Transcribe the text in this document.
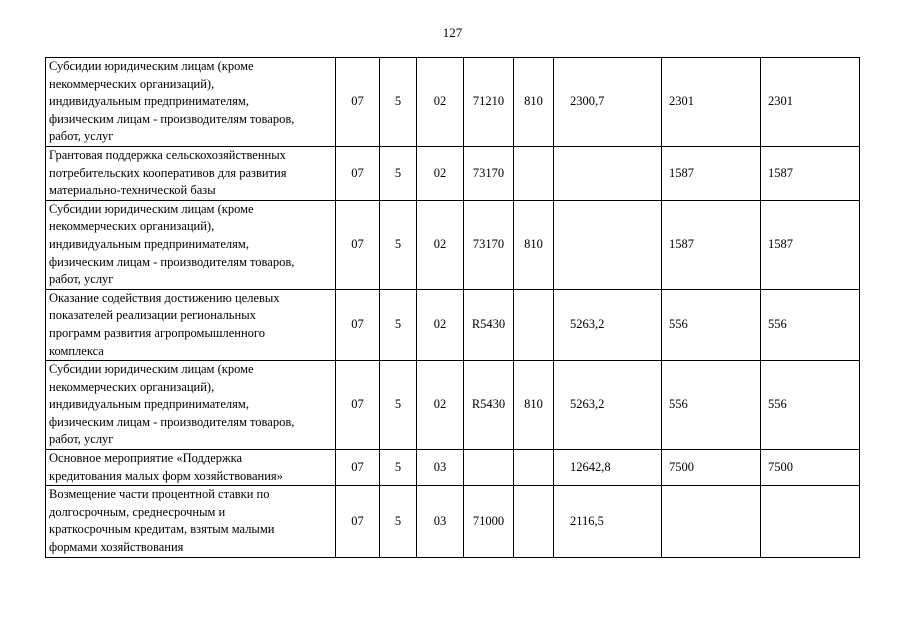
127
Субсидии юридическим лицам (кроме
некоммерческих организаций),
индивидуальным предпринимателям,
физическим лицам - производителям товаров,
работ, услуг	07	5	02	71210	810	2300,7	2301	2301

Грантовая поддержка сельскохозяйственных
потребительских кооперативов для развития
материально-технической базы	07	5	02	73170			1587	1587

Субсидии юридическим лицам (кроме
некоммерческих организаций),
индивидуальным предпринимателям,
физическим лицам - производителям товаров,
работ, услуг	07	5	02	73170	810		1587	1587

Оказание содействия достижению целевых
показателей реализации региональных
программ развития агропромышленного
комплекса	07	5	02	R5430		5263,2	556	556

Субсидии юридическим лицам (кроме
некоммерческих организаций),
индивидуальным предпринимателям,
физическим лицам - производителям товаров,
работ, услуг	07	5	02	R5430	810	5263,2	556	556

Основное мероприятие «Поддержка
кредитования малых форм хозяйствования»	07	5	03			12642,8	7500	7500

Возмещение части процентной ставки по
долгосрочным, среднесрочным и
краткосрочным кредитам, взятым малыми
формами хозяйствования	07	5	03	71000		2116,5		
